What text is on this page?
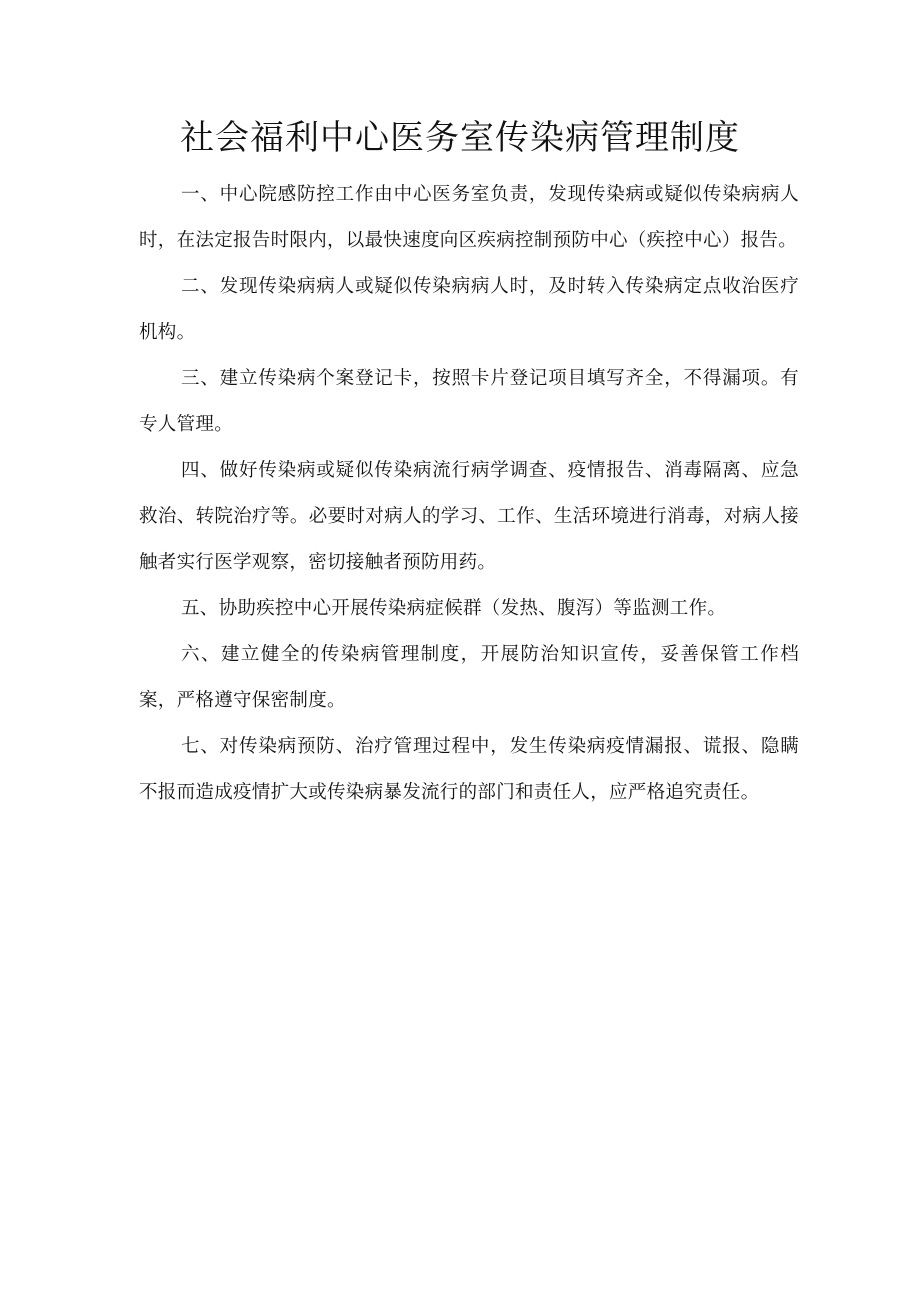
社会福利中心医务室传染病管理制度

一、中心院感防控工作由中心医务室负责，发现传染病或疑似传染病病人时，在法定报告时限内，以最快速度向区疾病控制预防中心（疾控中心）报告。

二、发现传染病病人或疑似传染病病人时，及时转入传染病定点收治医疗机构。

三、建立传染病个案登记卡，按照卡片登记项目填写齐全，不得漏项。有专人管理。

四、做好传染病或疑似传染病流行病学调查、疫情报告、消毒隔离、应急救治、转院治疗等。必要时对病人的学习、工作、生活环境进行消毒，对病人接触者实行医学观察，密切接触者预防用药。

五、协助疾控中心开展传染病症候群（发热、腹泻）等监测工作。

六、建立健全的传染病管理制度，开展防治知识宣传，妥善保管工作档案，严格遵守保密制度。

七、对传染病预防、治疗管理过程中，发生传染病疫情漏报、谎报、隐瞒不报而造成疫情扩大或传染病暴发流行的部门和责任人，应严格追究责任。
